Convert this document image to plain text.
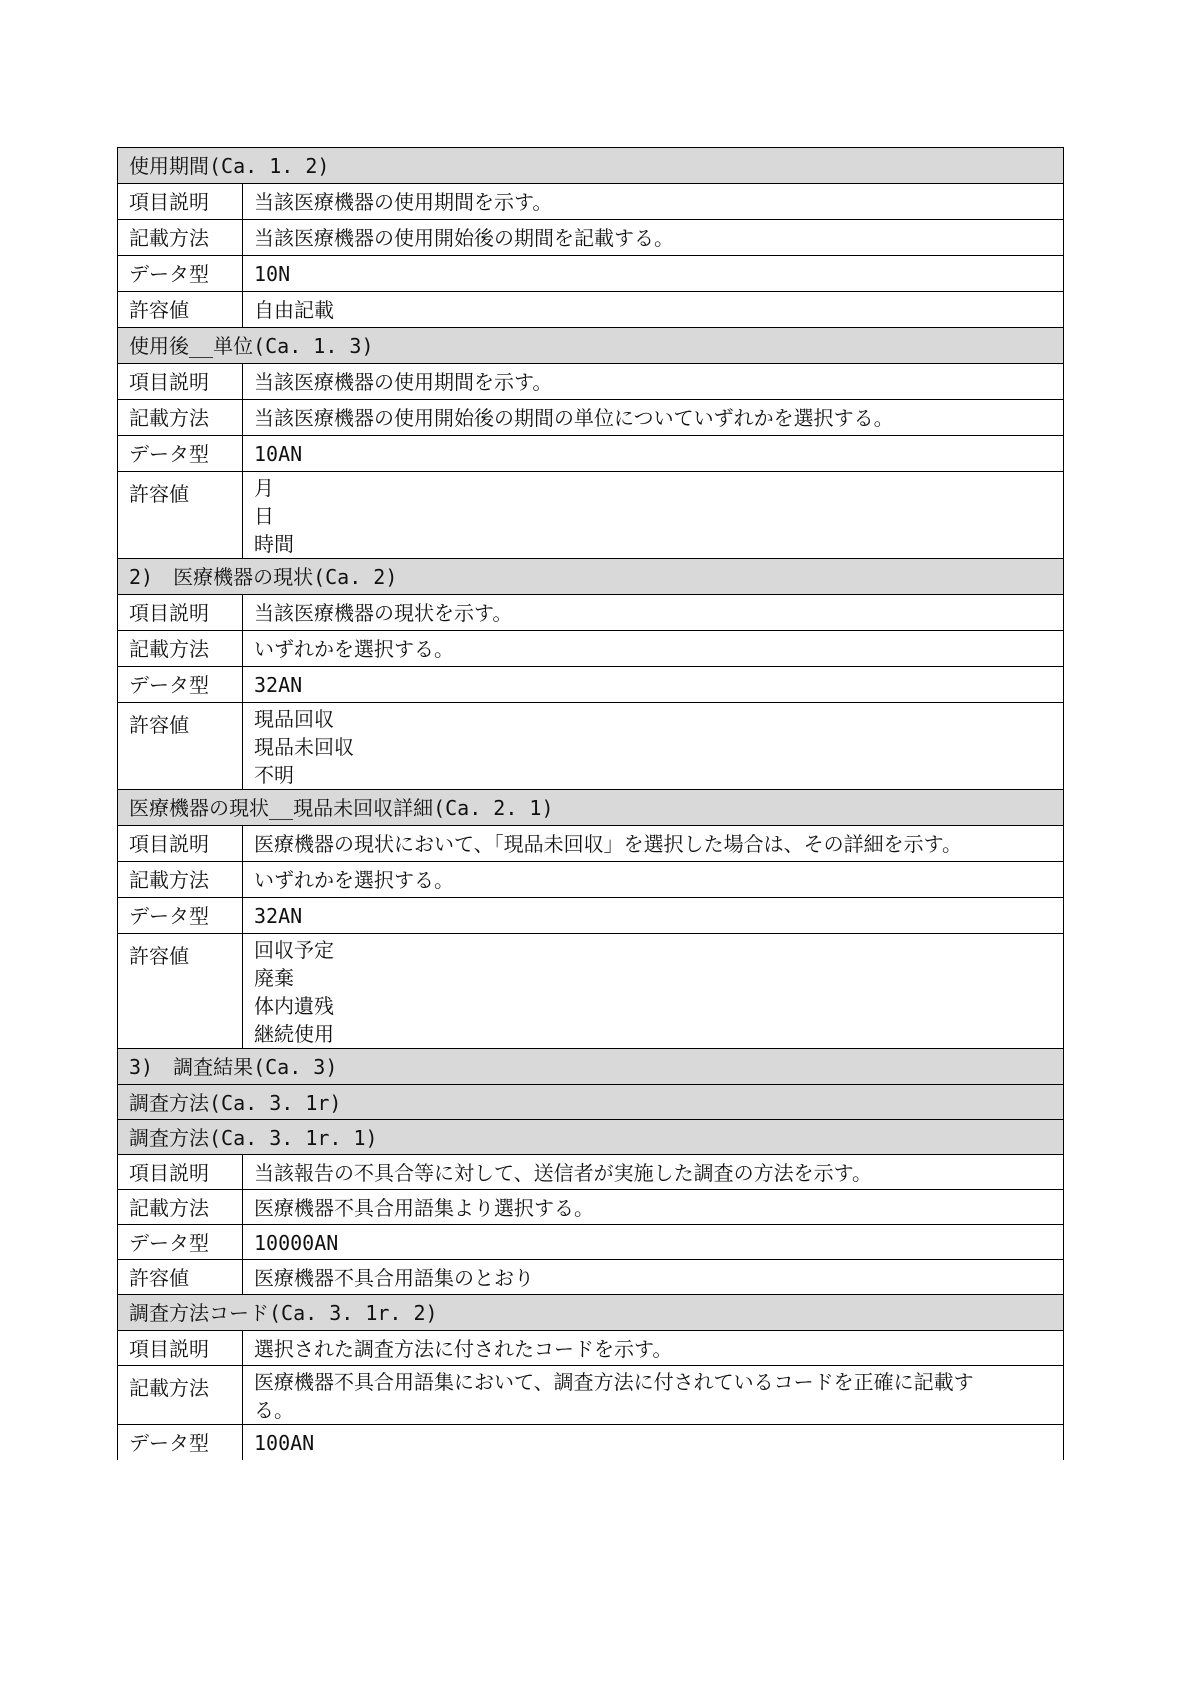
使用期間(Ca. 1. 2)	
項目説明	当該医療機器の使用期間を示す。

記載方法	当該医療機器の使用開始後の期間を記載する。

データ型	10N

許容値	自由記載

使用後__単位(Ca. 1. 3)	
項目説明	当該医療機器の使用期間を示す。

記載方法	当該医療機器の使用開始後の期間の単位についていずれかを選択する。

データ型	10AN

許容値	月
日
時間

2)　医療機器の現状(Ca. 2)	
項目説明	当該医療機器の現状を示す。

記載方法	いずれかを選択する。

データ型	32AN

許容値	現品回収
現品未回収
不明

医療機器の現状__現品未回収詳細(Ca. 2. 1)	
項目説明	医療機器の現状において、「現品未回収」を選択した場合は、その詳細を示す。

記載方法	いずれかを選択する。

データ型	32AN

許容値	回収予定
廃棄
体内遺残
継続使用

3)　調査結果(Ca. 3)	
調査方法(Ca. 3. 1r)	
調査方法(Ca. 3. 1r. 1)	
項目説明	当該報告の不具合等に対して、送信者が実施した調査の方法を示す。

記載方法	医療機器不具合用語集より選択する。

データ型	10000AN

許容値	医療機器不具合用語集のとおり

調査方法コード(Ca. 3. 1r. 2)	
項目説明	選択された調査方法に付されたコードを示す。

記載方法	医療機器不具合用語集において、調査方法に付されているコードを正確に記載す
る。

データ型	100AN
